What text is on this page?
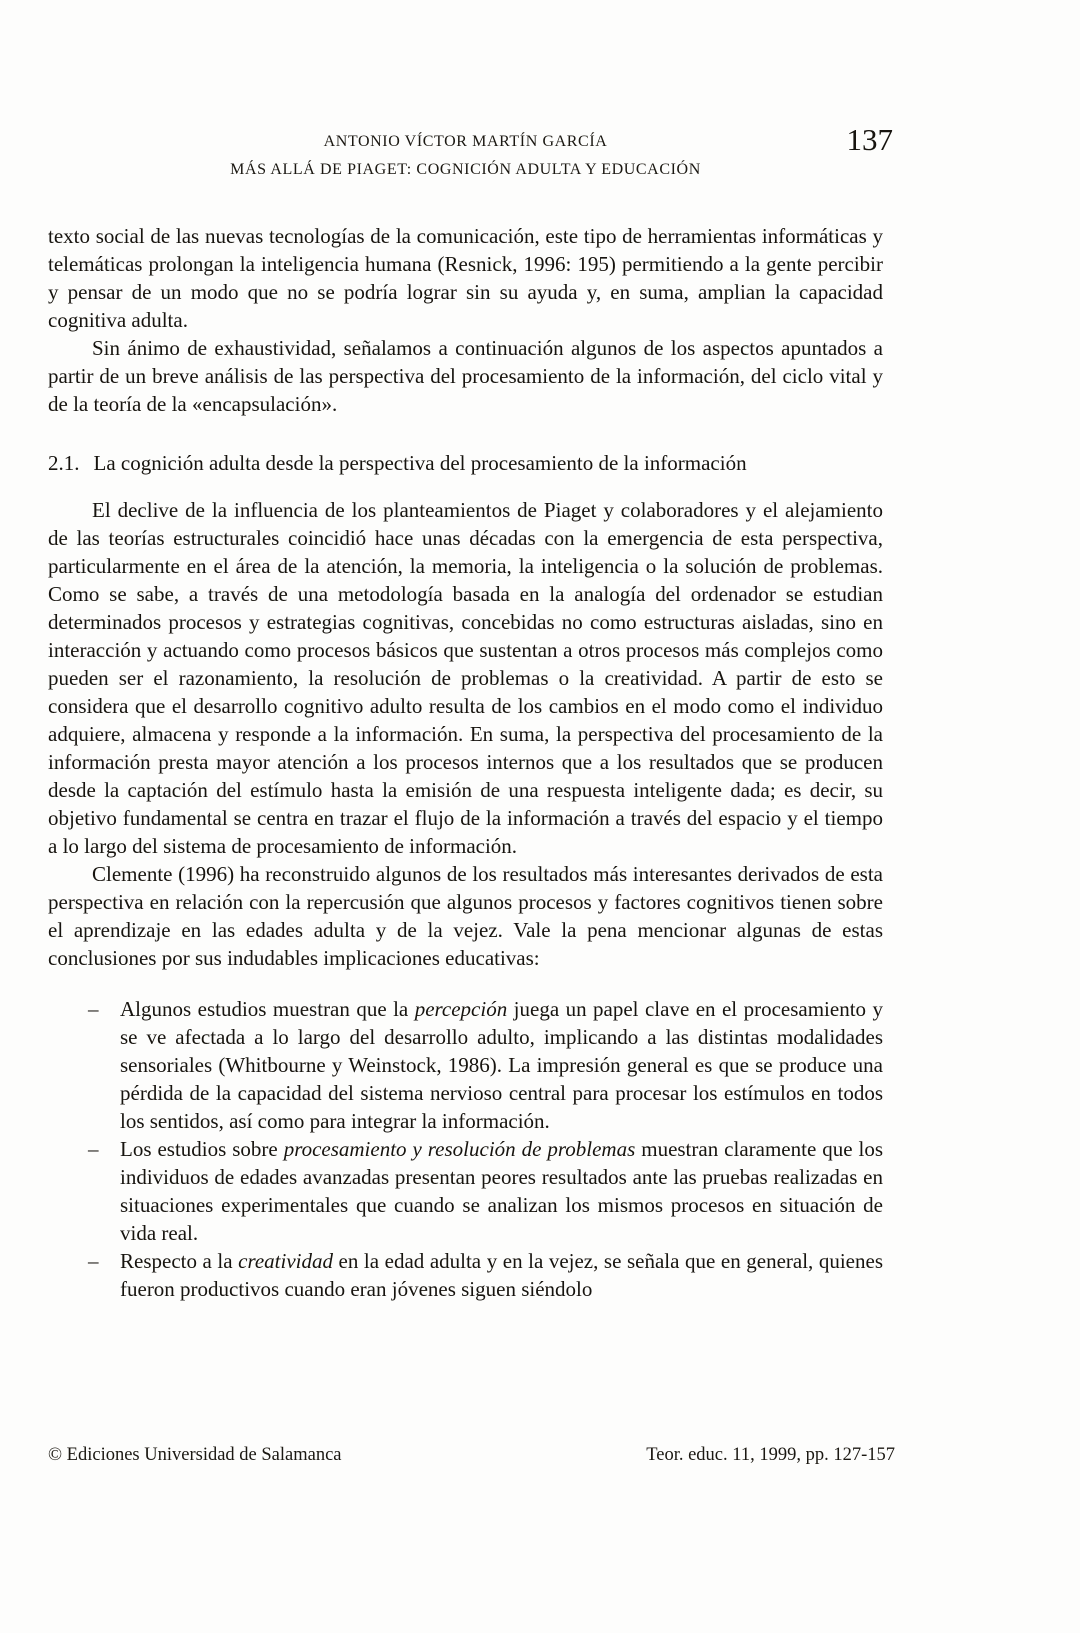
ANTONIO VÍCTOR MARTÍN GARCÍA
MÁS ALLÁ DE PIAGET: COGNICIÓN ADULTA Y EDUCACIÓN
137

texto social de las nuevas tecnologías de la comunicación, este tipo de herramientas informáticas y telemáticas prolongan la inteligencia humana (Resnick, 1996: 195) permitiendo a la gente percibir y pensar de un modo que no se podría lograr sin su ayuda y, en suma, amplian la capacidad cognitiva adulta.

Sin ánimo de exhaustividad, señalamos a continuación algunos de los aspectos apuntados a partir de un breve análisis de las perspectiva del procesamiento de la información, del ciclo vital y de la teoría de la «encapsulación».

2.1. La cognición adulta desde la perspectiva del procesamiento de la información

El declive de la influencia de los planteamientos de Piaget y colaboradores y el alejamiento de las teorías estructurales coincidió hace unas décadas con la emergencia de esta perspectiva, particularmente en el área de la atención, la memoria, la inteligencia o la solución de problemas. Como se sabe, a través de una metodología basada en la analogía del ordenador se estudian determinados procesos y estrategias cognitivas, concebidas no como estructuras aisladas, sino en interacción y actuando como procesos básicos que sustentan a otros procesos más complejos como pueden ser el razonamiento, la resolución de problemas o la creatividad. A partir de esto se considera que el desarrollo cognitivo adulto resulta de los cambios en el modo como el individuo adquiere, almacena y responde a la información. En suma, la perspectiva del procesamiento de la información presta mayor atención a los procesos internos que a los resultados que se producen desde la captación del estímulo hasta la emisión de una respuesta inteligente dada; es decir, su objetivo fundamental se centra en trazar el flujo de la información a través del espacio y el tiempo a lo largo del sistema de procesamiento de información.

Clemente (1996) ha reconstruido algunos de los resultados más interesantes derivados de esta perspectiva en relación con la repercusión que algunos procesos y factores cognitivos tienen sobre el aprendizaje en las edades adulta y de la vejez. Vale la pena mencionar algunas de estas conclusiones por sus indudables implicaciones educativas:

–	Algunos estudios muestran que la percepción juega un papel clave en el procesamiento y se ve afectada a lo largo del desarrollo adulto, implicando a las distintas modalidades sensoriales (Whitbourne y Weinstock, 1986). La impresión general es que se produce una pérdida de la capacidad del sistema nervioso central para procesar los estímulos en todos los sentidos, así como para integrar la información.
–	Los estudios sobre procesamiento y resolución de problemas muestran claramente que los individuos de edades avanzadas presentan peores resultados ante las pruebas realizadas en situaciones experimentales que cuando se analizan los mismos procesos en situación de vida real.
–	Respecto a la creatividad en la edad adulta y en la vejez, se señala que en general, quienes fueron productivos cuando eran jóvenes siguen siéndolo
© Ediciones Universidad de Salamanca	Teor. educ. 11, 1999, pp. 127-157
